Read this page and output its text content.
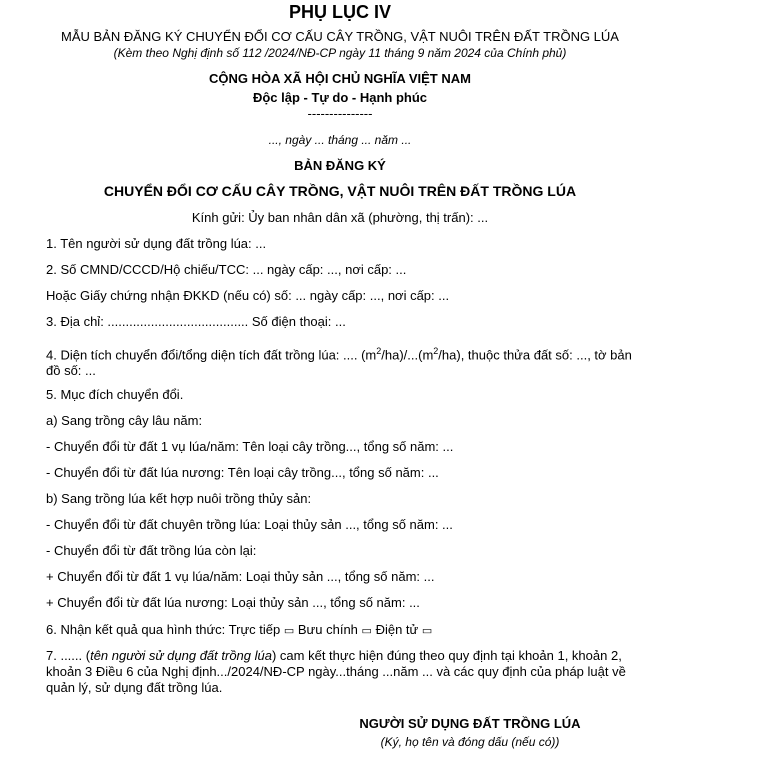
PHỤ LỤC IV
MẪU BẢN ĐĂNG KÝ CHUYỂN ĐỔI CƠ CẤU CÂY TRỒNG, VẬT NUÔI TRÊN ĐẤT TRỒNG LÚA
(Kèm theo Nghị định số 112 /2024/NĐ-CP ngày 11 tháng 9 năm 2024 của Chính phủ)
CỘNG HÒA XÃ HỘI CHỦ NGHĨA VIỆT NAM
Độc lập - Tự do - Hạnh phúc
---------------
..., ngày ... tháng ... năm ...
BẢN ĐĂNG KÝ
CHUYỂN ĐỔI CƠ CẤU CÂY TRỒNG, VẬT NUÔI TRÊN ĐẤT TRỒNG LÚA
Kính gửi: Ủy ban nhân dân xã (phường, thị trấn): ...
1. Tên người sử dụng đất trồng lúa: ...
2. Số CMND/CCCD/Hộ chiếu/TCC: ... ngày cấp: ..., nơi cấp: ...
Hoặc Giấy chứng nhận ĐKKD (nếu có) số: ... ngày cấp: ..., nơi cấp: ...
3. Địa chỉ: ....................................... Số điện thoại: ...
4. Diện tích chuyển đổi/tổng diện tích đất trồng lúa: .... $(m^2/ha)/...(m^2/ha)$, thuộc thửa đất số: ..., tờ bản đồ số: ...
5. Mục đích chuyển đổi.
a) Sang trồng cây lâu năm:
- Chuyển đổi từ đất 1 vụ lúa/năm: Tên loại cây trồng..., tổng số năm: ...
- Chuyển đổi từ đất lúa nương: Tên loại cây trồng..., tổng số năm: ...
b) Sang trồng lúa kết hợp nuôi trồng thủy sản:
- Chuyển đổi từ đất chuyên trồng lúa: Loại thủy sản ..., tổng số năm: ...
- Chuyển đổi từ đất trồng lúa còn lại:
+ Chuyển đổi từ đất 1 vụ lúa/năm: Loại thủy sản ..., tổng số năm: ...
+ Chuyển đổi từ đất lúa nương: Loại thủy sản ..., tổng số năm: ...
6. Nhận kết quả qua hình thức: Trực tiếp ▭ Bưu chính ▭ Điện tử ▭
7. ...... (tên người sử dụng đất trồng lúa) cam kết thực hiện đúng theo quy định tại khoản 1, khoản 2, khoản 3 Điều 6 của Nghị định.../2024/NĐ-CP ngày...tháng ...năm ... và các quy định của pháp luật về quản lý, sử dụng đất trồng lúa.
NGƯỜI SỬ DỤNG ĐẤT TRỒNG LÚA
(Ký, họ tên và đóng dấu (nếu có))
